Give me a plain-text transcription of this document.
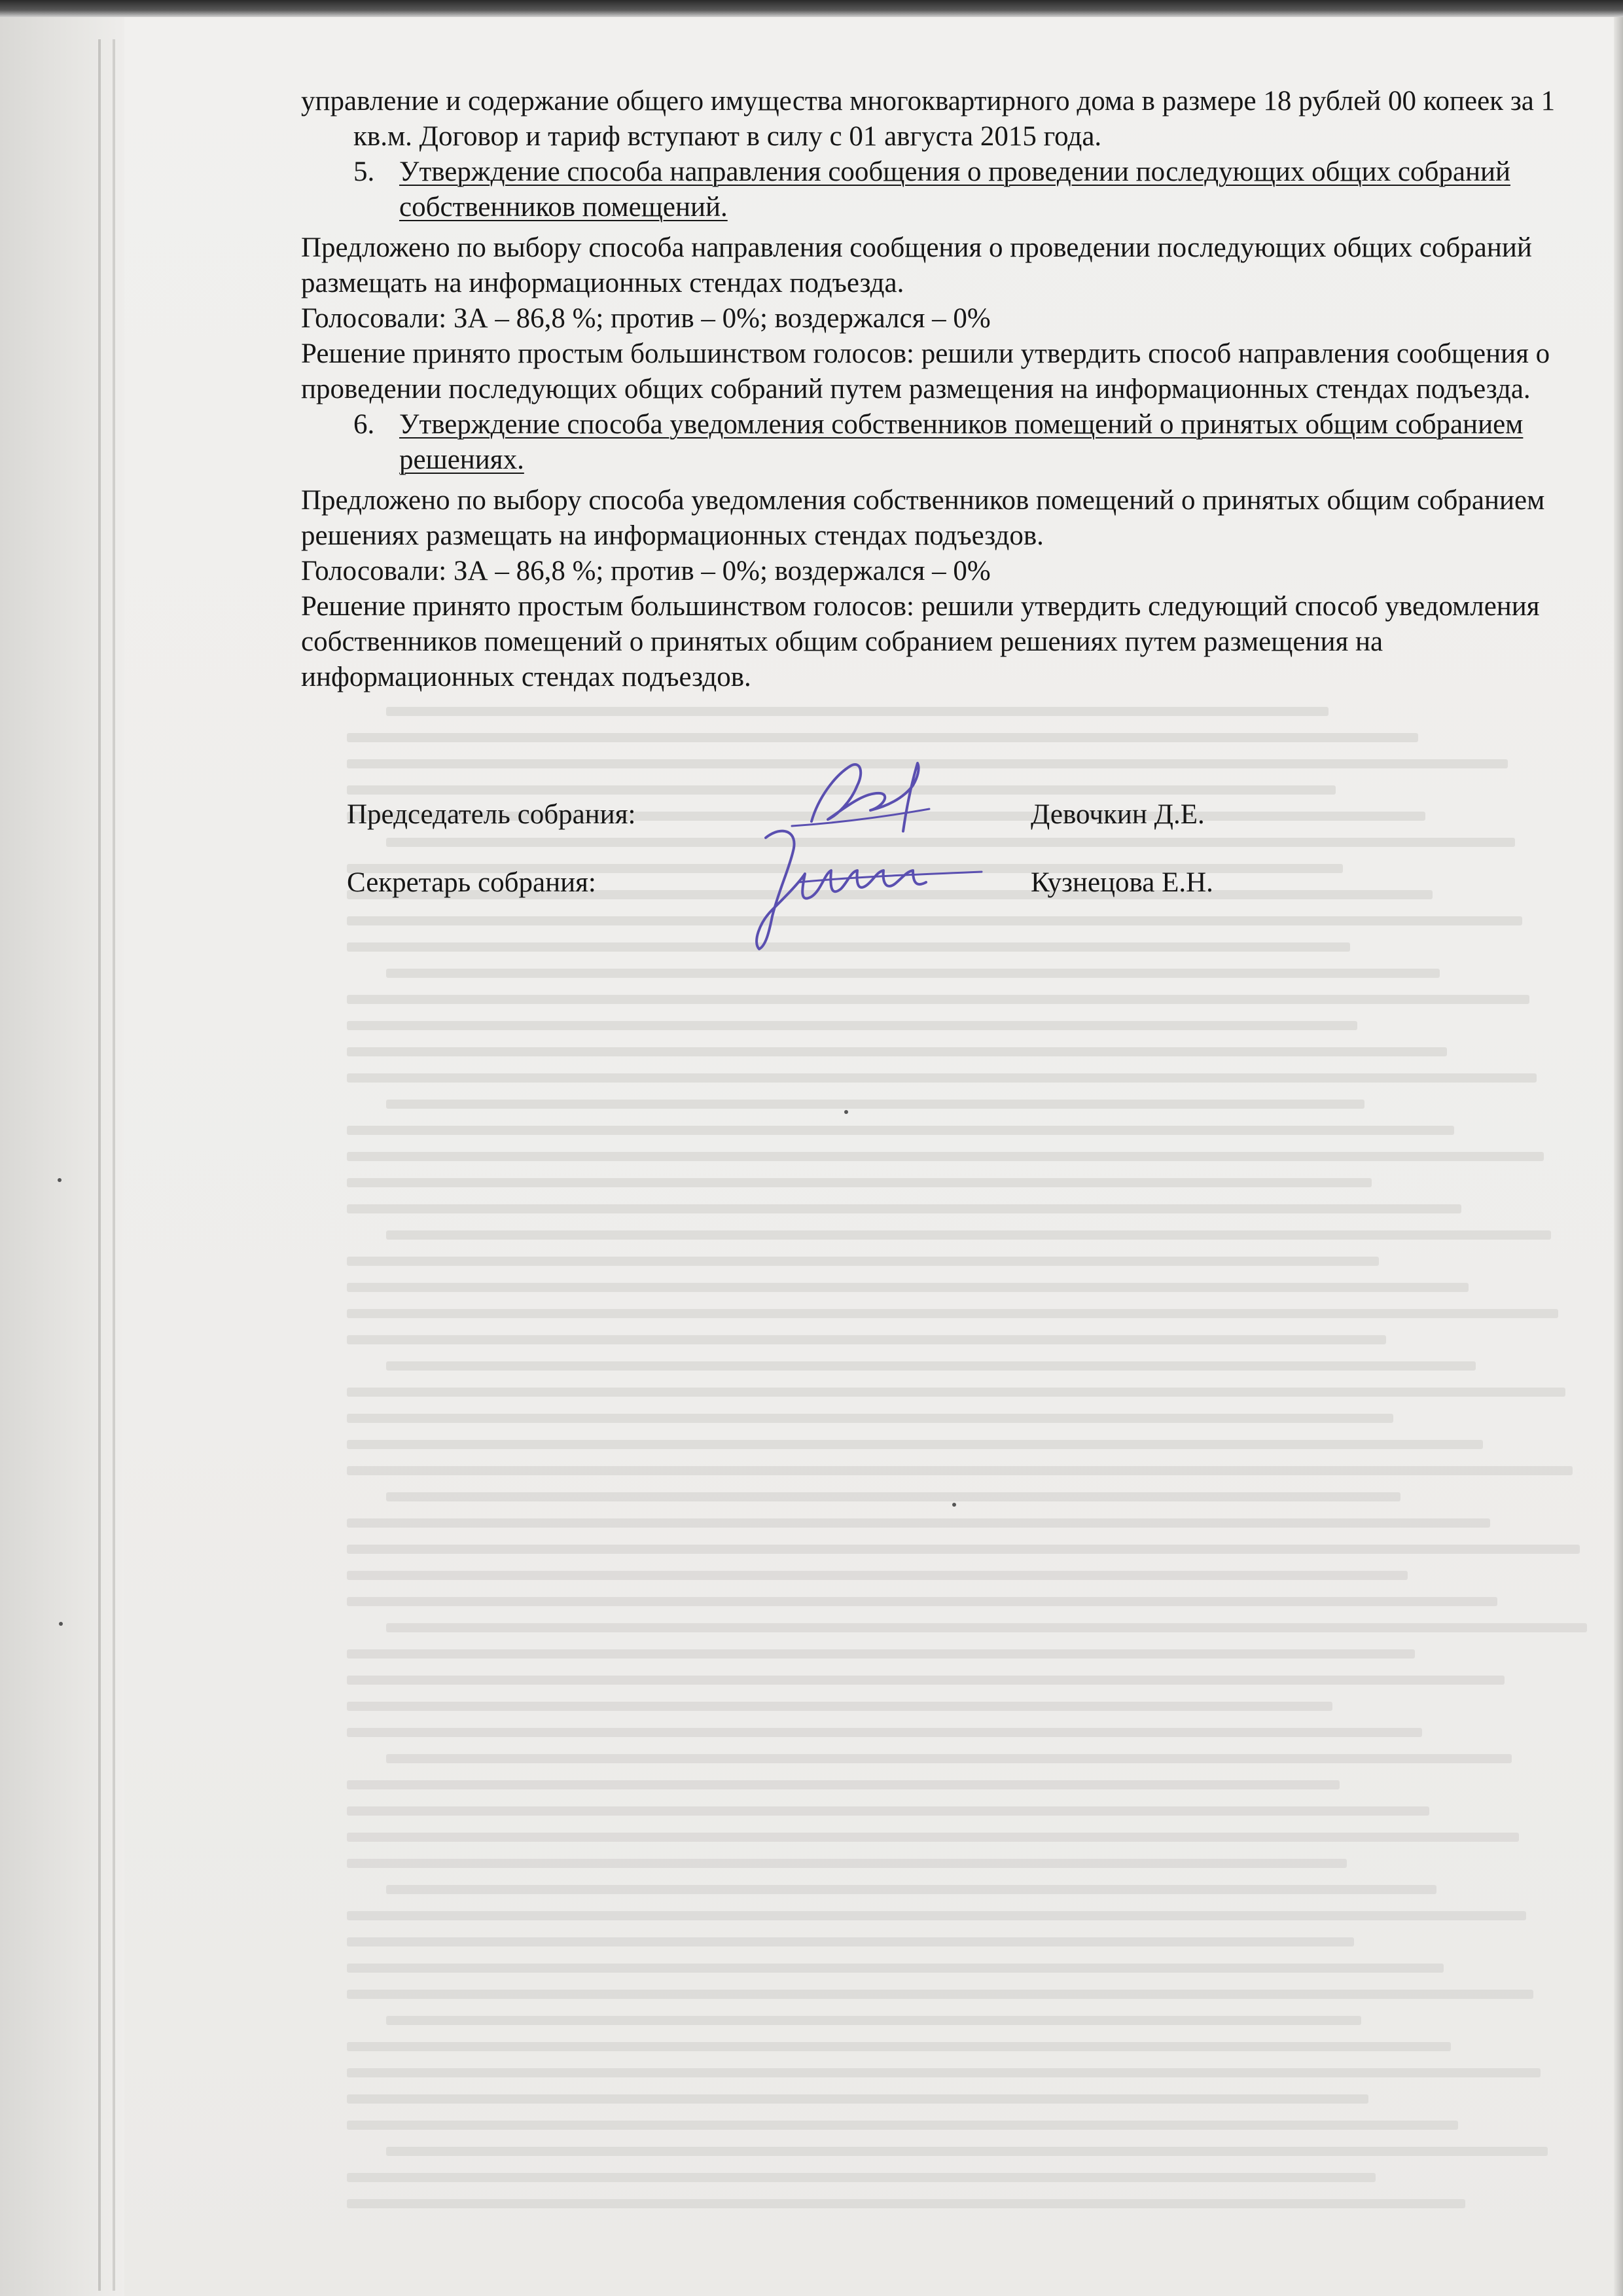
управление и содержание общего имущества многоквартирного дома в размере 18 рублей 00 копеек за 1

кв.м. Договор и тариф вступают в силу с 01 августа 2015 года.

5. Утверждение способа направления сообщения о проведении последующих общих собраний

собственников помещений.

Предложено по выбору способа направления сообщения о проведении последующих общих собраний

размещать на информационных стендах подъезда.

Голосовали: ЗА – 86,8 %; против – 0%; воздержался – 0%

Решение принято простым большинством голосов: решили утвердить способ направления сообщения о

проведении последующих общих собраний путем размещения на информационных стендах подъезда.

6. Утверждение способа уведомления собственников помещений о принятых общим собранием

решениях.

Предложено по выбору способа уведомления собственников помещений о принятых общим собранием

решениях размещать на информационных стендах подъездов.

Голосовали: ЗА – 86,8 %; против – 0%; воздержался – 0%

Решение принято простым большинством голосов: решили утвердить следующий способ уведомления

собственников помещений о принятых общим собранием решениях путем размещения на

информационных стендах подъездов.

Председатель собрания:	Девочкин Д.Е.
Секретарь собрания:	Кузнецова Е.Н.
